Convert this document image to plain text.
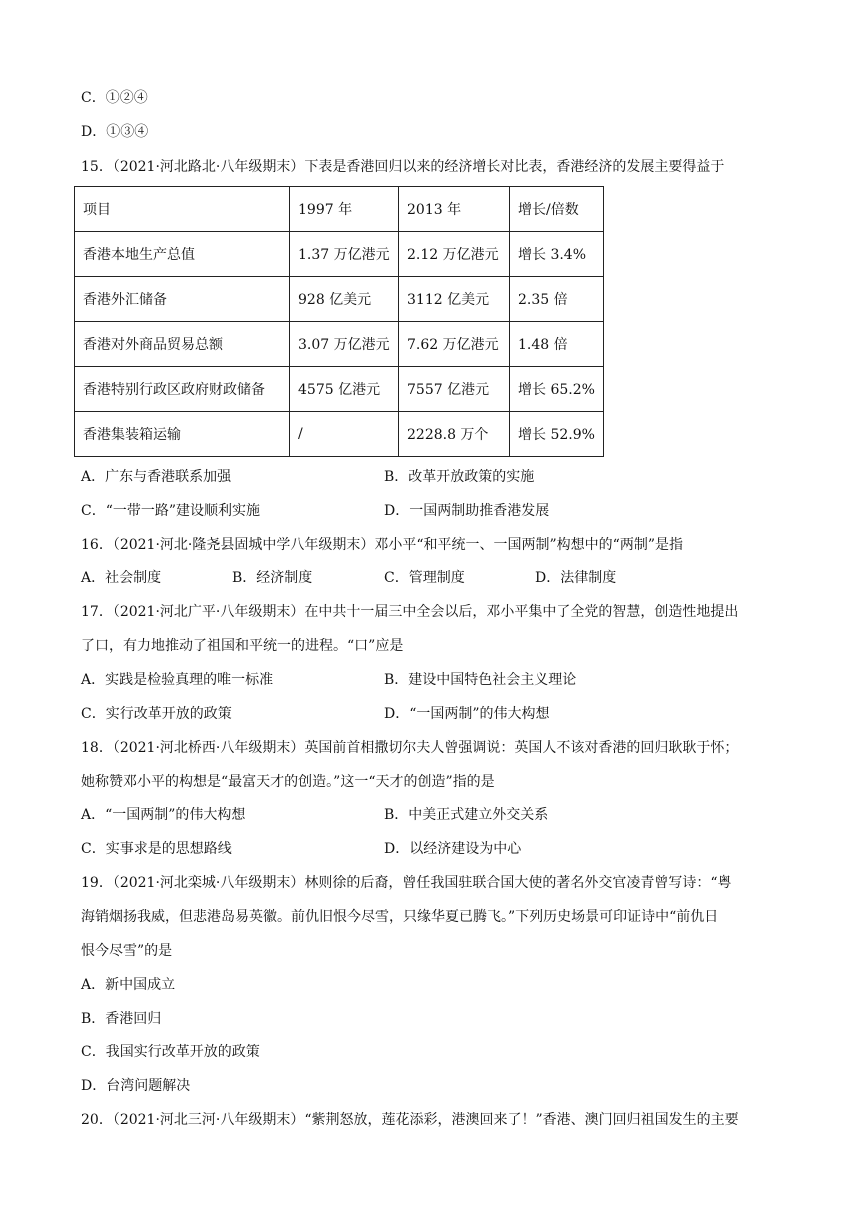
C．①②④
D．①③④
15．（2021·河北路北·八年级期末）下表是香港回归以来的经济增长对比表，香港经济的发展主要得益于
项目	1997 年	2013 年	增长/倍数
香港本地生产总值	1.37 万亿港元	2.12 万亿港元	增长 3.4%
香港外汇储备	928 亿美元	3112 亿美元	2.35 倍
香港对外商品贸易总额	3.07 万亿港元	7.62 万亿港元	1.48 倍
香港特别行政区政府财政储备	4575 亿港元	7557 亿港元	增长 65.2%
香港集装箱运输	/	2228.8 万个	增长 52.9%
A．广东与香港联系加强	B．改革开放政策的实施
C．“一带一路”建设顺利实施	D．一国两制助推香港发展
16．（2021·河北·隆尧县固城中学八年级期末）邓小平“和平统一、一国两制”构想中的“两制”是指
A．社会制度	B．经济制度	C．管理制度	D．法律制度
17．（2021·河北广平·八年级期末）在中共十一届三中全会以后，邓小平集中了全党的智慧，创造性地提出
了口，有力地推动了祖国和平统一的进程。“口”应是
A．实践是检验真理的唯一标准	B．建设中国特色社会主义理论
C．实行改革开放的政策	D．“一国两制”的伟大构想
18．（2021·河北桥西·八年级期末）英国前首相撒切尔夫人曾强调说：英国人不该对香港的回归耿耿于怀；
她称赞邓小平的构想是“最富天才的创造。”这一“天才的创造”指的是
A．“一国两制”的伟大构想	B．中美正式建立外交关系
C．实事求是的思想路线	D．以经济建设为中心
19．（2021·河北栾城·八年级期末）林则徐的后裔，曾任我国驻联合国大使的著名外交官凌青曾写诗：“粤
海销烟扬我威，但悲港岛易英徽。前仇旧恨今尽雪，只缘华夏已腾飞。”下列历史场景可印证诗中“前仇日
恨今尽雪”的是
A．新中国成立
B．香港回归
C．我国实行改革开放的政策
D．台湾问题解决
20．（2021·河北三河·八年级期末）“紫荆怒放，莲花添彩，港澳回来了！”香港、澳门回归祖国发生的主要
